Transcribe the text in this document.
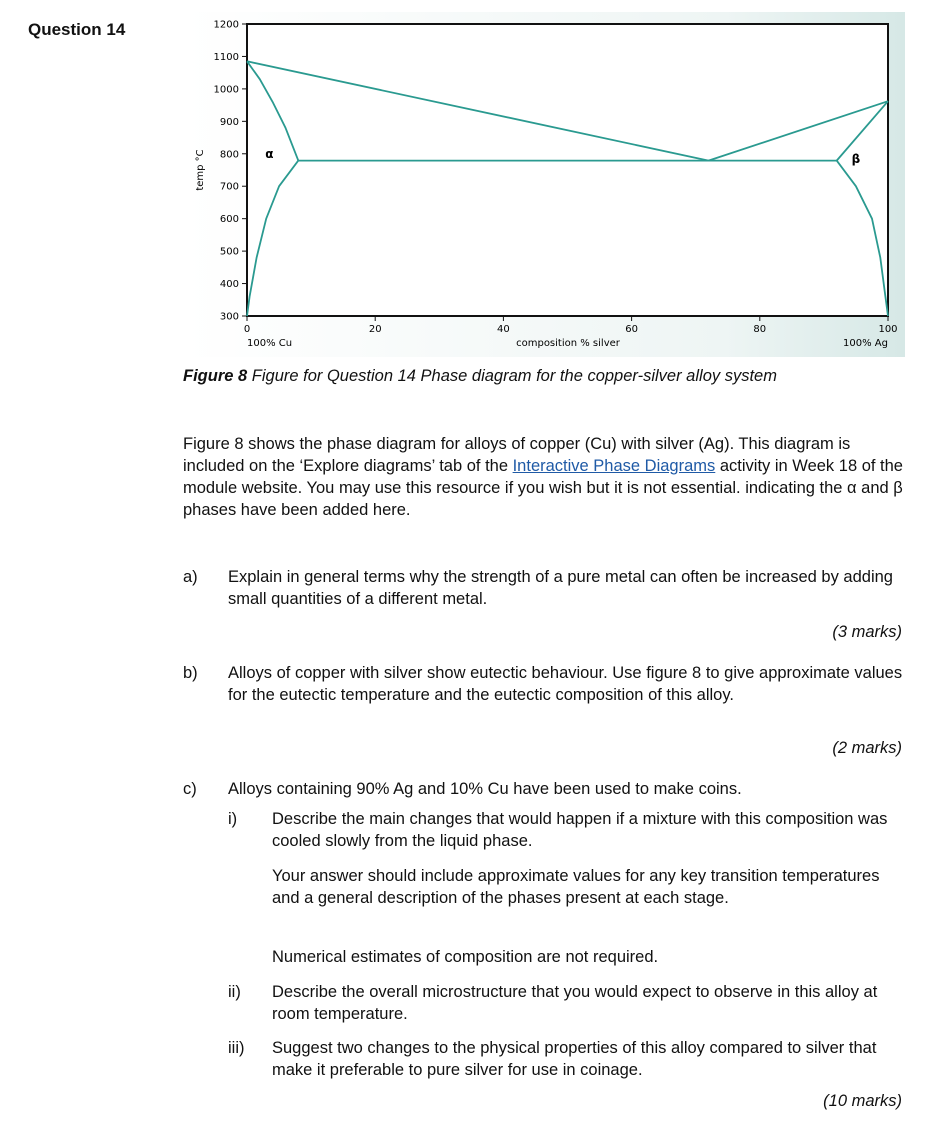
Question 14
300
400
500
600
700
800
900
1000
1100
1200
0	20	40	60	80	100
α	β
temp °C
composition % silver
100% Cu	100% Ag
Figure 8 Figure for Question 14 Phase diagram for the copper-silver alloy system
Figure 8 shows the phase diagram for alloys of copper (Cu) with silver (Ag). This diagram is included on the ‘Explore diagrams’ tab of the Interactive Phase Diagrams activity in Week 18 of the module website. You may use this resource if you wish but it is not essential. indicating the α and β phases have been added here.
a) Explain in general terms why the strength of a pure metal can often be increased by adding small quantities of a different metal.
(3 marks)
b) Alloys of copper with silver show eutectic behaviour. Use figure 8 to give approximate values for the eutectic temperature and the eutectic composition of this alloy.
(2 marks)
c) Alloys containing 90% Ag and 10% Cu have been used to make coins.
i) Describe the main changes that would happen if a mixture with this composition was cooled slowly from the liquid phase.
Your answer should include approximate values for any key transition temperatures and a general description of the phases present at each stage.
Numerical estimates of composition are not required.
ii) Describe the overall microstructure that you would expect to observe in this alloy at room temperature.
iii) Suggest two changes to the physical properties of this alloy compared to silver that make it preferable to pure silver for use in coinage.
(10 marks)
